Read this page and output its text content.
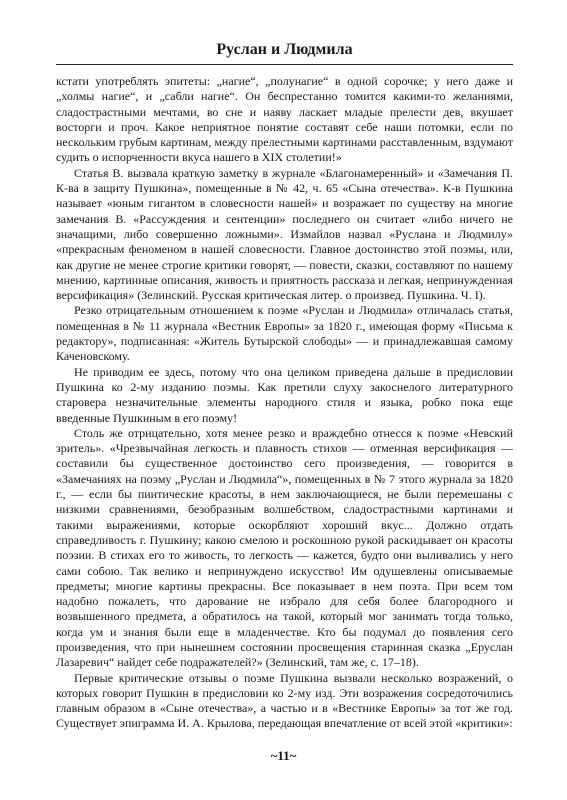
Руслан и Людмила

кстати употреблять эпитеты: „нагие“, „полунагие“ в одной сорочке; у него даже и „холмы нагие“, и „сабли нагие“. Он беспрестанно томится какими-то желаниями, сладострастными мечтами, во сне и наяву ласкает младые прелести дев, вкушает восторги и проч. Какое неприятное понятие составят себе наши потомки, если по нескольким грубым картинам, между прелестными картинами расставленным, вздумают судить о испорченности вкуса нашего в XIX столетии!»

Статья В. вызвала краткую заметку в журнале «Благонамеренный» и «Замечания П. К-ва в защиту Пушкина», помещенные в № 42, ч. 65 «Сына отечества». К-в Пушкина называет «юным гигантом в словесности нашей» и возражает по существу на многие замечания В. «Рассуждения и сентенции» последнего он считает «либо ничего не значащими, либо совершенно ложными». Измайлов назвал «Руслана и Людмилу» «прекрасным феноменом в нашей словесности. Главное достоинство этой поэмы, или, как другие не менее строгие критики говорят, — повести, сказки, составляют по нашему мнению, картинные описания, живость и приятность рассказа и легкая, непринужденная версификация» (Зелинский. Русская критическая литер. о произвед. Пушкина. Ч. I).

Резко отрицательным отношением к поэме «Руслан и Людмила» отличалась статья, помещенная в № 11 журнала «Вестник Европы» за 1820 г., имеющая форму «Письма к редактору», подписанная: «Житель Бутырской слободы» — и принадлежавшая самому Каченовскому.

Не приводим ее здесь, потому что она целиком приведена дальше в предисловии Пушкина ко 2-му изданию поэмы. Как претили слуху закоснелого литературного старовера незначительные элементы народного стиля и языка, робко пока еще введенные Пушкиным в его поэму!

Столь же отрицательно, хотя менее резко и враждебно отнесся к поэме «Невский зритель». «Чрезвычайная легкость и плавность стихов — отменная версификация — составили бы существенное достоинство сего произведения, — говорится в «Замечаниях на поэму „Руслан и Людмила“», помещенных в № 7 этого журнала за 1820 г., — если бы пиитические красоты, в нем заключающиеся, не были перемешаны с низкими сравнениями, безобразным волшебством, сладострастными картинами и такими выражениями, которые оскорбляют хороший вкус... Должно отдать справедливость г. Пушкину; какою смелою и роскошною рукой раскидывает он красоты поэзии. В стихах его то живость, то легкость — кажется, будто они выливались у него сами собою. Так велико и непринуждено искусство! Им одушевлены описываемые предметы; многие картины прекрасны. Все показывает в нем поэта. При всем том надобно пожалеть, что дарование не избрало для себя более благородного и возвышенного предмета, а обратилось на такой, который мог занимать тогда только, когда ум и знания были еще в младенчестве. Кто бы подумал до появления сего произведения, что при нынешнем состоянии просвещения старинная сказка „Еруслан Лазаревич“ найдет себе подражателей?» (Зелинский, там же, с. 17–18).

Первые критические отзывы о поэме Пушкина вызвали несколько возражений, о которых говорит Пушкин в предисловии ко 2-му изд. Эти возражения сосредоточились главным образом в «Сыне отечества», а частью и в «Вестнике Европы» за тот же год. Существует эпиграмма И. А. Крылова, передающая впечатление от всей этой «критики»:

~11~
